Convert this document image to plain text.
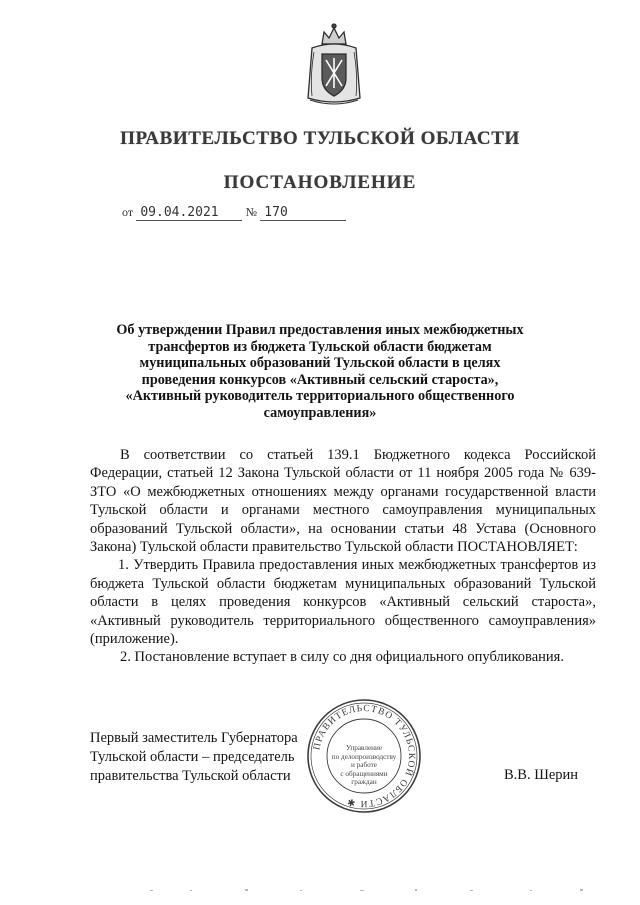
ПРАВИТЕЛЬСТВО ТУЛЬСКОЙ ОБЛАСТИ
ПОСТАНОВЛЕНИЕ
от 09.04.2021 № 170
Об утверждении Правил предоставления иных межбюджетных
трансфертов из бюджета Тульской области бюджетам
муниципальных образований Тульской области в целях
проведения конкурсов «Активный сельский староста»,
«Активный руководитель территориального общественного
самоуправления»

В соответствии со статьей 139.1 Бюджетного кодекса Российской Федерации, статьей 12 Закона Тульской области от 11 ноября 2005 года № 639-ЗТО «О межбюджетных отношениях между органами государственной власти Тульской области и органами местного самоуправления муниципальных образований Тульской области», на основании статьи 48 Устава (Основного Закона) Тульской области правительство Тульской области ПОСТАНОВЛЯЕТ:

1. Утвердить Правила предоставления иных межбюджетных трансфертов из бюджета Тульской области бюджетам муниципальных образований Тульской области в целях проведения конкурсов «Активный сельский староста», «Активный руководитель территориального общественного самоуправления» (приложение).

2. Постановление вступает в силу со дня официального опубликования.

Первый заместитель Губернатора
Тульской области – председатель
правительства Тульской области	В.В. Шерин
ПРАВИТЕЛЬСТВО ТУЛЬСКОЙ ОБЛАСТИ ✱
Управление
по делопроизводству
и работе
с обращениями
граждан
